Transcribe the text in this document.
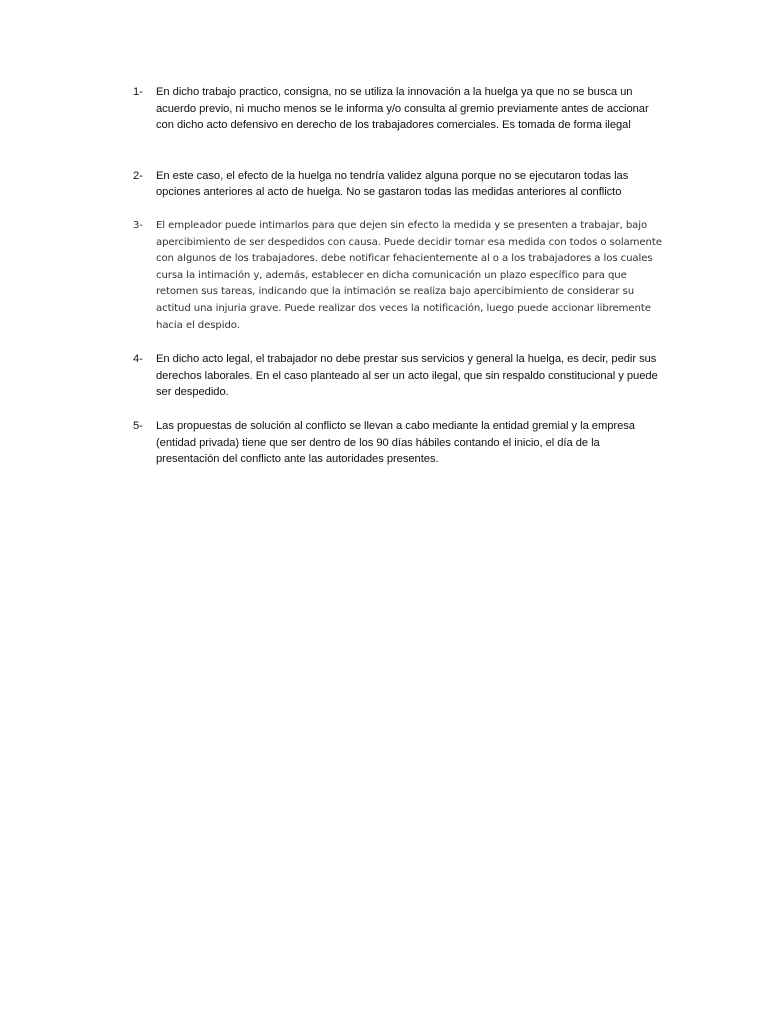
1-	En dicho trabajo practico, consigna, no se utiliza la innovación a la huelga ya que no se busca un acuerdo previo, ni mucho menos se le informa y/o consulta al gremio previamente antes de accionar con dicho acto defensivo en derecho de los trabajadores comerciales. Es tomada de forma ilegal
2-	En este caso, el efecto de la huelga no tendría validez alguna porque no se ejecutaron todas las opciones anteriores al acto de huelga. No se gastaron todas las medidas anteriores al conflicto
3-	El empleador puede intimarlos para que dejen sin efecto la medida y se presenten a trabajar, bajo apercibimiento de ser despedidos con causa. Puede decidir tomar esa medida con todos o solamente con algunos de los trabajadores. debe notificar fehacientemente al o a los trabajadores a los cuales cursa la intimación y, además, establecer en dicha comunicación un plazo específico para que retomen sus tareas, indicando que la intimación se realiza bajo apercibimiento de considerar su actitud una injuria grave. Puede realizar dos veces la notificación, luego puede accionar libremente hacia el despido.
4-	En dicho acto legal, el trabajador no debe prestar sus servicios y general la huelga, es decir, pedir sus derechos laborales. En el caso planteado al ser un acto ilegal, que sin respaldo constitucional y puede ser despedido.
5-	Las propuestas de solución al conflicto se llevan a cabo mediante la entidad gremial y la empresa (entidad privada) tiene que ser dentro de los 90 días hábiles contando el inicio, el día de la presentación del conflicto ante las autoridades presentes.
